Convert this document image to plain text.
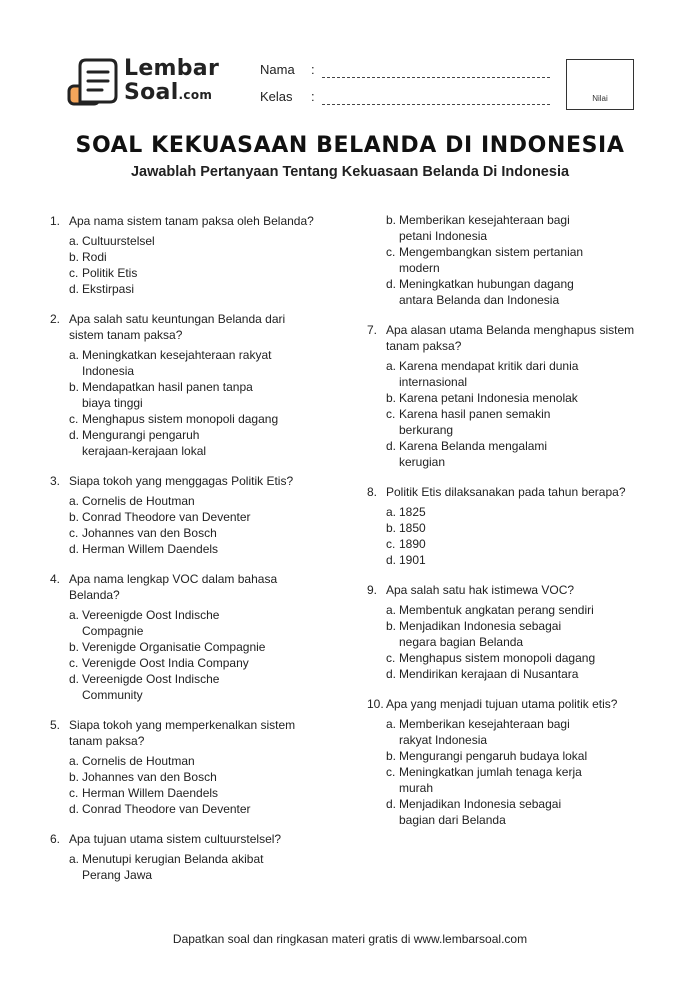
Lembar
Soal.com
Nama :
Kelas :	Nilai
SOAL KEKUASAAN BELANDA DI INDONESIA
Jawablah Pertanyaan Tentang Kekuasaan Belanda Di Indonesia
1. Apa nama sistem tanam paksa oleh Belanda?
a. Cultuurstelsel
b. Rodi
c. Politik Etis
d. Ekstirpasi
2. Apa salah satu keuntungan Belanda dari
sistem tanam paksa?
a. Meningkatkan kesejahteraan rakyat
Indonesia
b. Mendapatkan hasil panen tanpa
biaya tinggi
c. Menghapus sistem monopoli dagang
d. Mengurangi pengaruh
kerajaan-kerajaan lokal
3. Siapa tokoh yang menggagas Politik Etis?
a. Cornelis de Houtman
b. Conrad Theodore van Deventer
c. Johannes van den Bosch
d. Herman Willem Daendels
4. Apa nama lengkap VOC dalam bahasa
Belanda?
a. Vereenigde Oost Indische
Compagnie
b. Verenigde Organisatie Compagnie
c. Verenigde Oost India Company
d. Vereenigde Oost Indische
Community
5. Siapa tokoh yang memperkenalkan sistem
tanam paksa?
a. Cornelis de Houtman
b. Johannes van den Bosch
c. Herman Willem Daendels
d. Conrad Theodore van Deventer
6. Apa tujuan utama sistem cultuurstelsel?
a. Menutupi kerugian Belanda akibat
Perang Jawa
b. Memberikan kesejahteraan bagi
petani Indonesia
c. Mengembangkan sistem pertanian
modern
d. Meningkatkan hubungan dagang
antara Belanda dan Indonesia
7. Apa alasan utama Belanda menghapus sistem
tanam paksa?
a. Karena mendapat kritik dari dunia
internasional
b. Karena petani Indonesia menolak
c. Karena hasil panen semakin
berkurang
d. Karena Belanda mengalami
kerugian
8. Politik Etis dilaksanakan pada tahun berapa?
a. 1825
b. 1850
c. 1890
d. 1901
9. Apa salah satu hak istimewa VOC?
a. Membentuk angkatan perang sendiri
b. Menjadikan Indonesia sebagai
negara bagian Belanda
c. Menghapus sistem monopoli dagang
d. Mendirikan kerajaan di Nusantara
10. Apa yang menjadi tujuan utama politik etis?
a. Memberikan kesejahteraan bagi
rakyat Indonesia
b. Mengurangi pengaruh budaya lokal
c. Meningkatkan jumlah tenaga kerja
murah
d. Menjadikan Indonesia sebagai
bagian dari Belanda
Dapatkan soal dan ringkasan materi gratis di www.lembarsoal.com
